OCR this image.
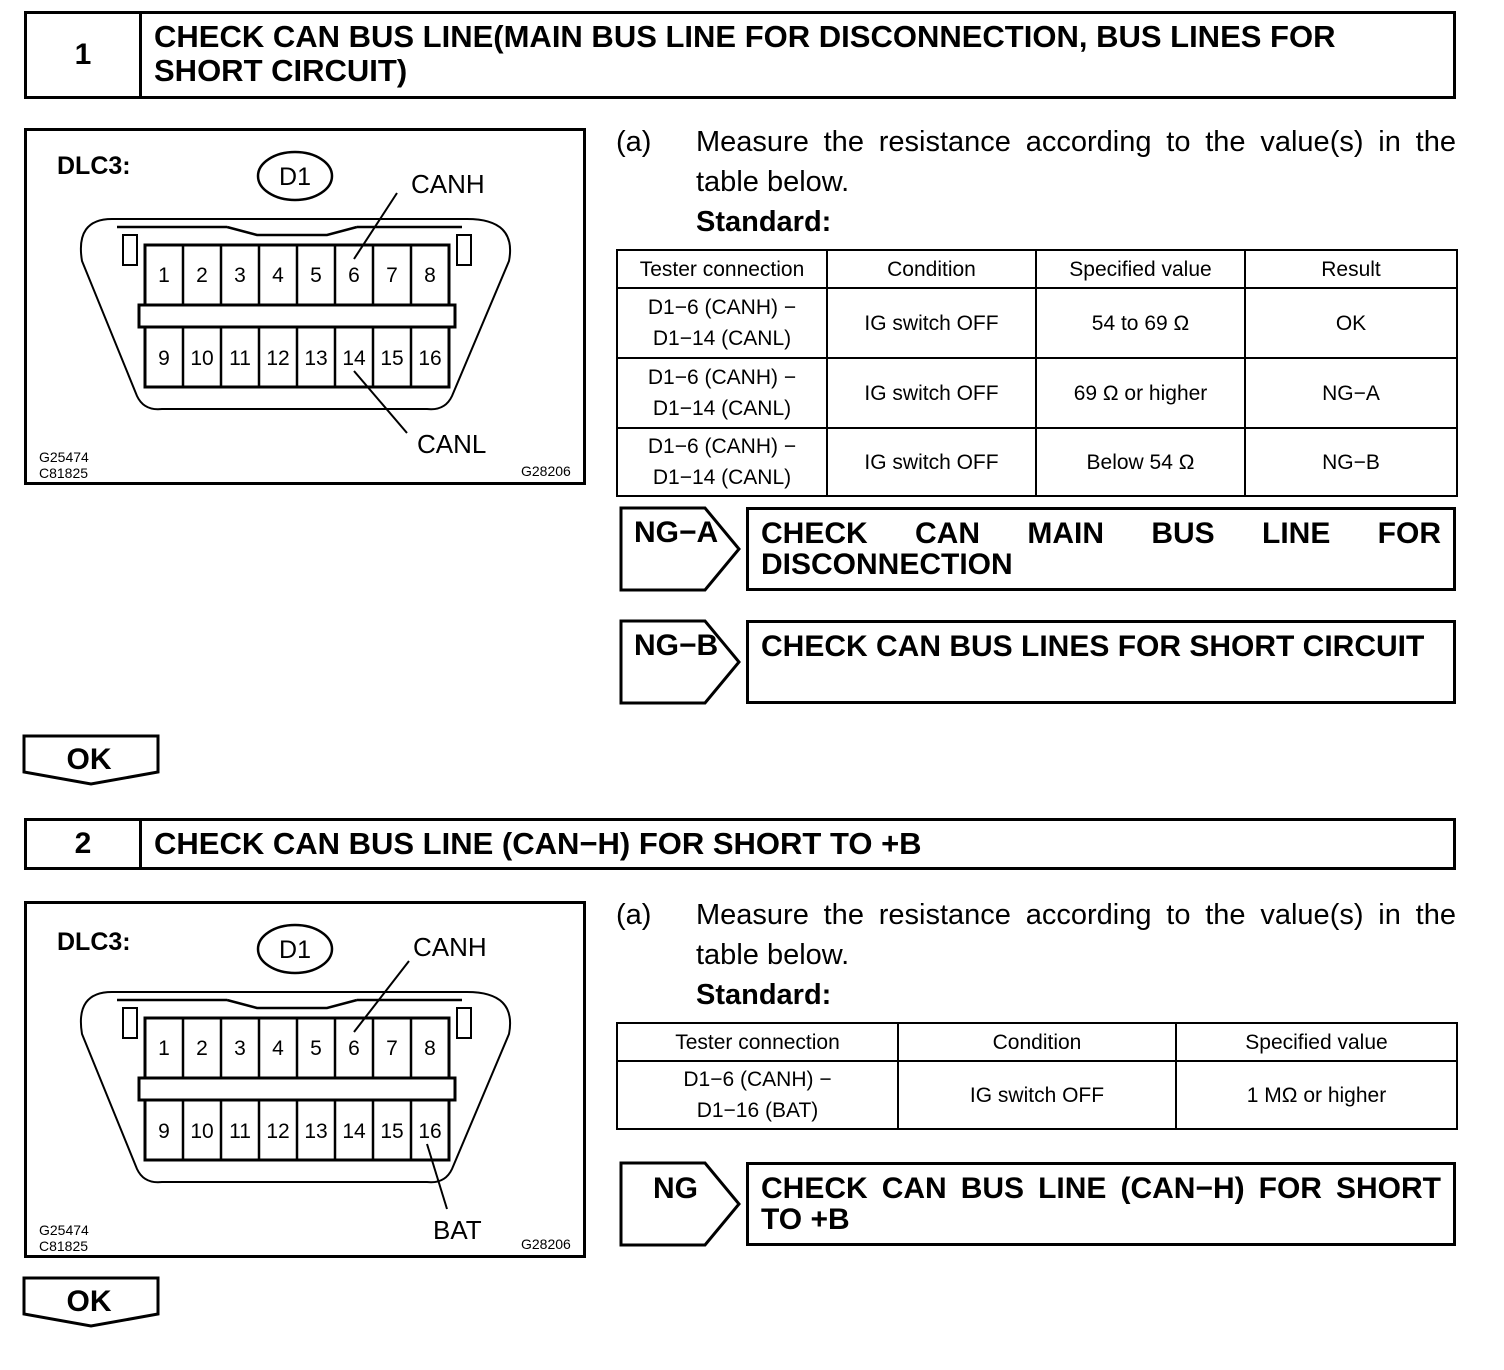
1
CHECK CAN BUS LINE(MAIN BUS LINE FOR DISCONNECTION, BUS LINES FOR SHORT CIRCUIT)
DLC3:	D1	CANH
1 2 3 4 5 6 7 8
9 10 11 12 13 14 15 16
CANL
G25474
C81825	G28206
(a) Measure the resistance according to the value(s) in the table below.
Standard:
Tester connection	Condition	Specified value	Result
D1−6 (CANH) −
D1−14 (CANL)	IG switch OFF	54 to 69 Ω	OK
D1−6 (CANH) −
D1−14 (CANL)	IG switch OFF	69 Ω or higher	NG−A
D1−6 (CANH) −
D1−14 (CANL)	IG switch OFF	Below 54 Ω	NG−B
NG−A CHECK CAN MAIN BUS LINE FOR
DISCONNECTION
NG−B	CHECK CAN BUS LINES FOR SHORT CIRCUIT
OK
2	CHECK CAN BUS LINE (CAN−H) FOR SHORT TO +B
DLC3:	D1	CANH
1 2 3 4 5 6 7 8
9 10 11 12 13 14 15 16
BAT
G25474
C81825	G28206
(a) Measure the resistance according to the value(s) in the table below.
Standard:
Tester connection	Condition	Specified value
D1−6 (CANH) −
D1−16 (BAT)	IG switch OFF	1 MΩ or higher
NG CHECK CAN BUS LINE (CAN−H) FOR SHORT
TO +B
OK
